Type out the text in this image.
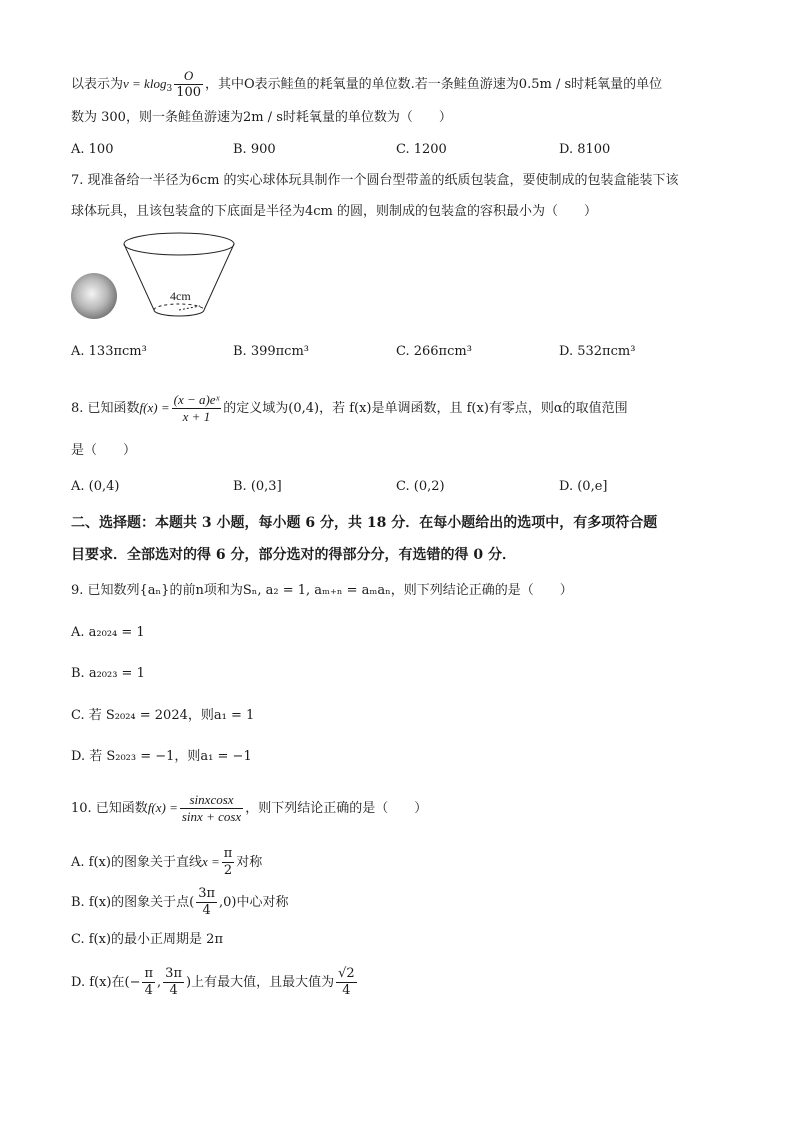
以表示为$v = klog_3 \frac{O}{100}$ ，其中O表示鲑鱼的耗氧量的单位数.若一条鲑鱼游速为0.5m / s时耗氧量的单位
数为 300，则一条鲑鱼游速为2m / s时耗氧量的单位数为（　　）
A. 100	B. 900	C. 1200	D. 8100
7. 现准备给一半径为6cm 的实心球体玩具制作一个圆台型带盖的纸质包装盒，要使制成的包装盒能装下该
球体玩具，且该包装盒的下底面是半径为4cm 的圆，则制成的包装盒的容积最小为（　　）
4cm
A. 133πcm³	B. 399πcm³	C. 266πcm³	D. 532πcm³
8. 已知函数$f(x) = \frac{\text{(x − a)eˣ}}{x + 1}$ 的定义域为(0,4)，若 f(x)是单调函数，且 f(x)有零点，则α的取值范围
是（　　）
A. (0,4)	B. (0,3]	C. (0,2)	D. (0,e]
二、选择题：本题共 3 小题，每小题 6 分，共 18 分．在每小题给出的选项中，有多项符合题
目要求．全部选对的得 6 分，部分选对的得部分分，有选错的得 0 分．
9. 已知数列{aₙ}的前n项和为Sₙ, a₂ = 1, aₘ₊ₙ = aₘaₙ，则下列结论正确的是（　　）
A. a₂₀₂₄ = 1
B. a₂₀₂₃ = 1
C. 若 S₂₀₂₄ = 2024，则a₁ = 1
D. 若 S₂₀₂₃ = −1，则a₁ = −1
10. 已知函数$f(x) = \frac{\text{sinxcosx}}{\sin x + \cos x}$ ，则下列结论正确的是（　　）
A. f(x)的图象关于直线$x = \frac{\pi}{2}$ 对称
B. f(x)的图象关于点( $\frac{3\pi}{4} ,0$)中心对称
C. f(x)的最小正周期是 2π
D. f(x)在(− $\frac{\pi}{4}$ , $\frac{3\pi}{4}$ )上有最大值，且最大值为 $\frac{√2}{4}$
